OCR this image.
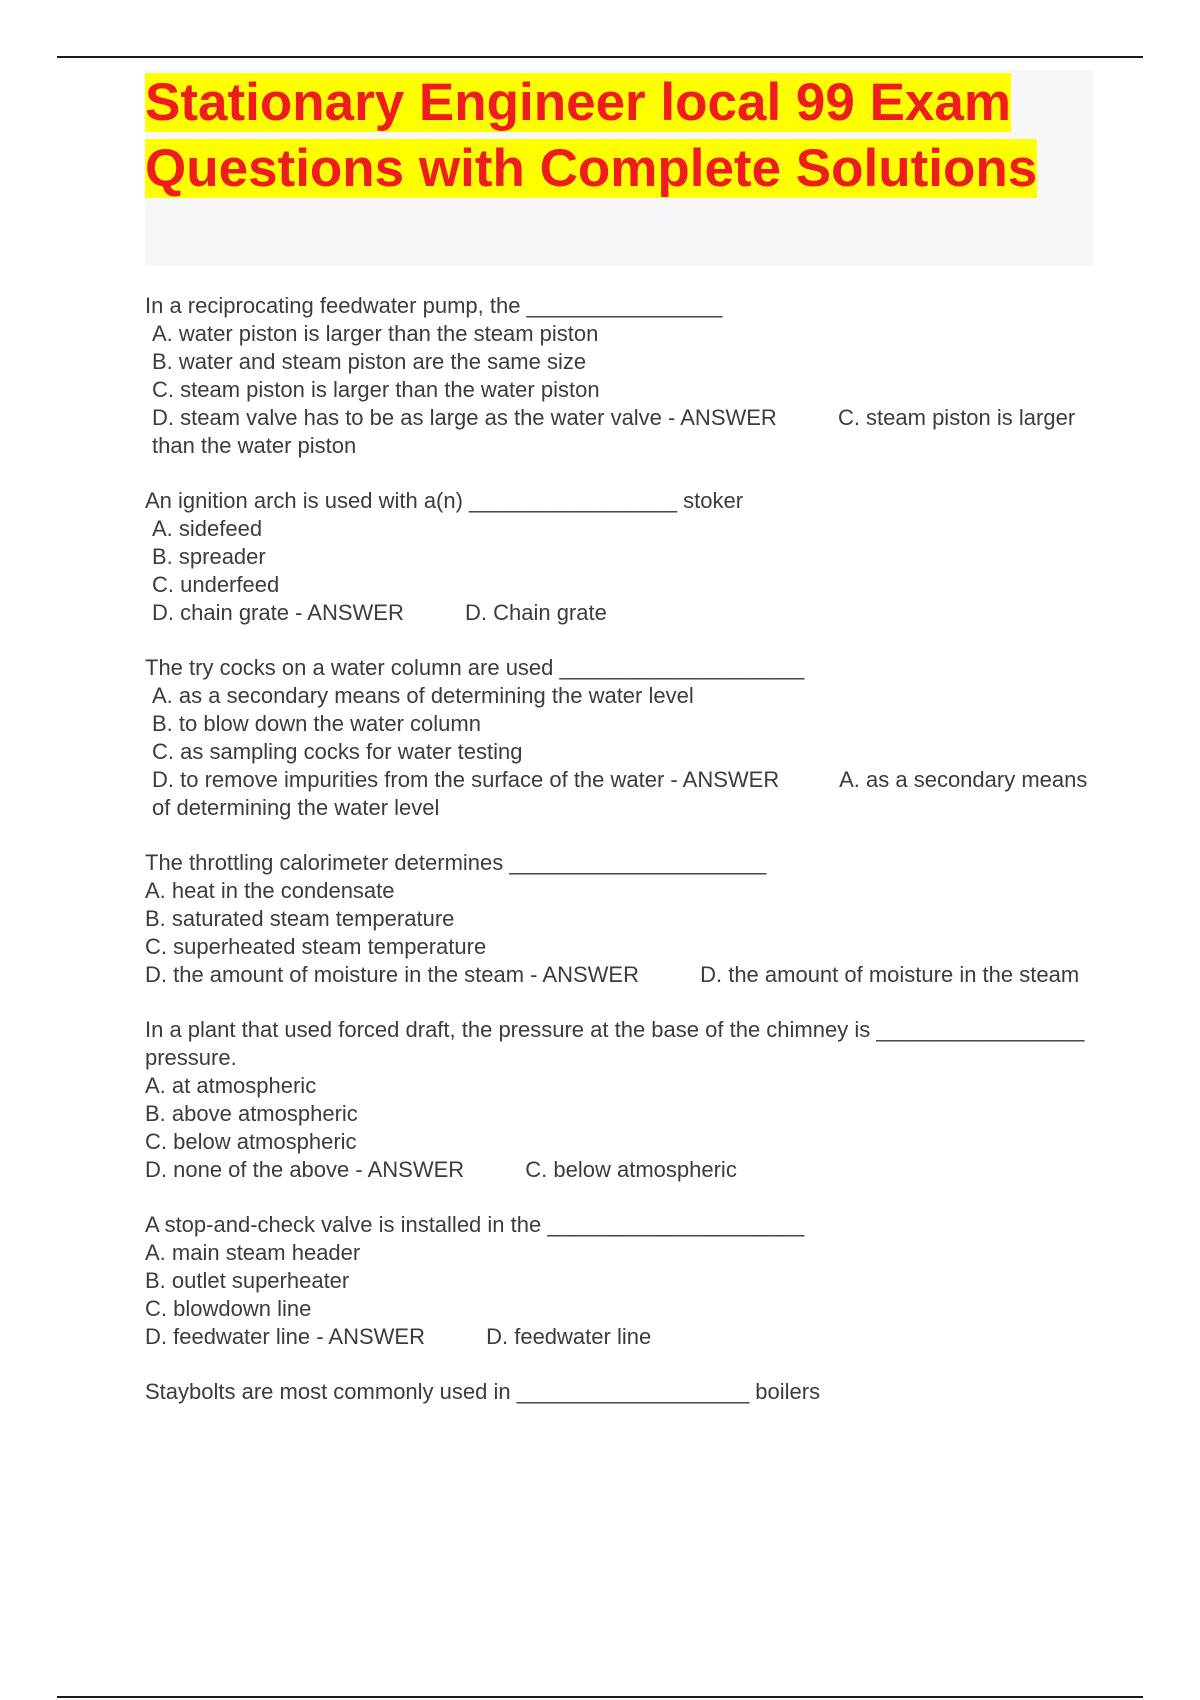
Stationary Engineer local 99 Exam Questions with Complete Solutions
In a reciprocating feedwater pump, the ________________
A. water piston is larger than the steam piston
B. water and steam piston are the same size
C. steam piston is larger than the water piston
D. steam valve has to be as large as the water valve - ANSWER          C. steam piston is larger than the water piston
An ignition arch is used with a(n) _________________ stoker
A. sidefeed
B. spreader
C. underfeed
D. chain grate - ANSWER          D. Chain grate
The try cocks on a water column are used ____________________
A. as a secondary means of determining the water level
B. to blow down the water column
C. as sampling cocks for water testing
D. to remove impurities from the surface of the water - ANSWER          A. as a secondary means of determining the water level
The throttling calorimeter determines _____________________
A. heat in the condensate
B. saturated steam temperature
C. superheated steam temperature
D. the amount of moisture in the steam - ANSWER          D. the amount of moisture in the steam
In a plant that used forced draft, the pressure at the base of the chimney is _________________ pressure.
A. at atmospheric
B. above atmospheric
C. below atmospheric
D. none of the above - ANSWER          C. below atmospheric
A stop-and-check valve is installed in the _____________________
A. main steam header
B. outlet superheater
C. blowdown line
D. feedwater line - ANSWER          D. feedwater line
Staybolts are most commonly used in ___________________ boilers
